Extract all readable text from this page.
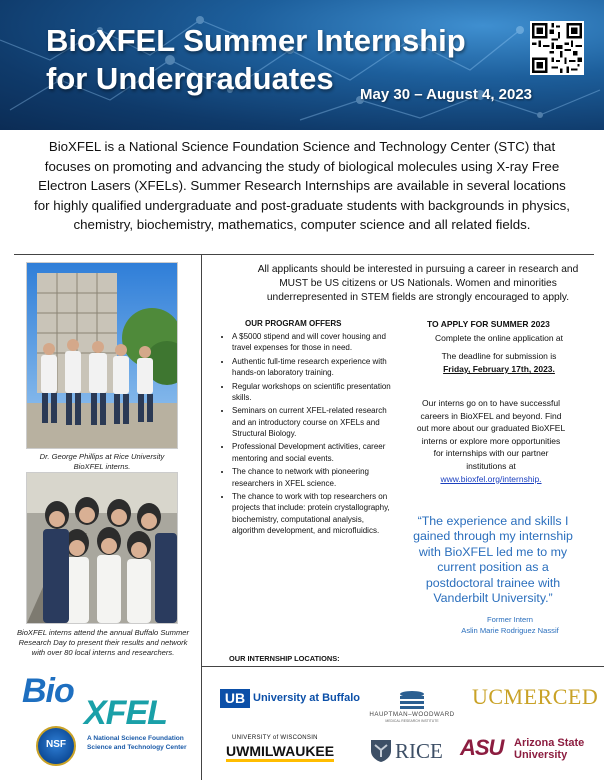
BioXFEL Summer Internship
for Undergraduates	May 30 – August 4, 2023
BioXFEL is a National Science Foundation Science and Technology Center (STC) that focuses on promoting and advancing the study of biological molecules using X-ray Free Electron Lasers (XFELs). Summer Research Internships are available in several locations for highly qualified undergraduate and post-graduate students with backgrounds in physics, chemistry, biochemistry, mathematics, computer science and all related fields.
Dr. George Phillips at Rice University
BioXFEL interns.
BioXFEL interns attend the annual Buffalo Summer Research Day to present their results and network with over 80 local interns and researchers.
Bio
XFEL
NSF
A National Science Foundation
Science and Technology Center
All applicants should be interested in pursuing a career in research and MUST be US citizens or US Nationals. Women and minorities underrepresented in STEM fields are strongly encouraged to apply.
OUR PROGRAM OFFERS
• A $5000 stipend and will cover housing and travel expenses for those in need.
• Authentic full-time research experience with hands-on laboratory training.
• Regular workshops on scientific presentation skills.
• Seminars on current XFEL-related research and an introductory course on XFELs and Structural Biology.
• Professional Development activities, career mentoring and social events.
• The chance to network with pioneering researchers in XFEL science.
• The chance to work with top researchers on projects that include: protein crystallography, biochemistry, computational analysis, algorithm development, and microfluidics.
TO APPLY FOR SUMMER 2023
Complete the online application at
The deadline for submission is
Friday, February 17th, 2023.
Our interns go on to have successful careers in BioXFEL and beyond. Find out more about our graduated BioXFEL interns or explore more opportunities for internships with our partner institutions at www.bioxfel.org/internship.
“The experience and skills I gained through my internship with BioXFEL led me to my current position as a postdoctoral trainee with Vanderbilt University.”
Former Intern
Aslin Marie Rodriguez Nassif
OUR INTERNSHIP LOCATIONS:
UB University at Buffalo
HAUPTMAN–WOODWARD
MEDICAL RESEARCH INSTITUTE
UCMERCED
UNIVERSITY of WISCONSIN
UWMILWAUKEE	RICE ASU Arizona State
University
